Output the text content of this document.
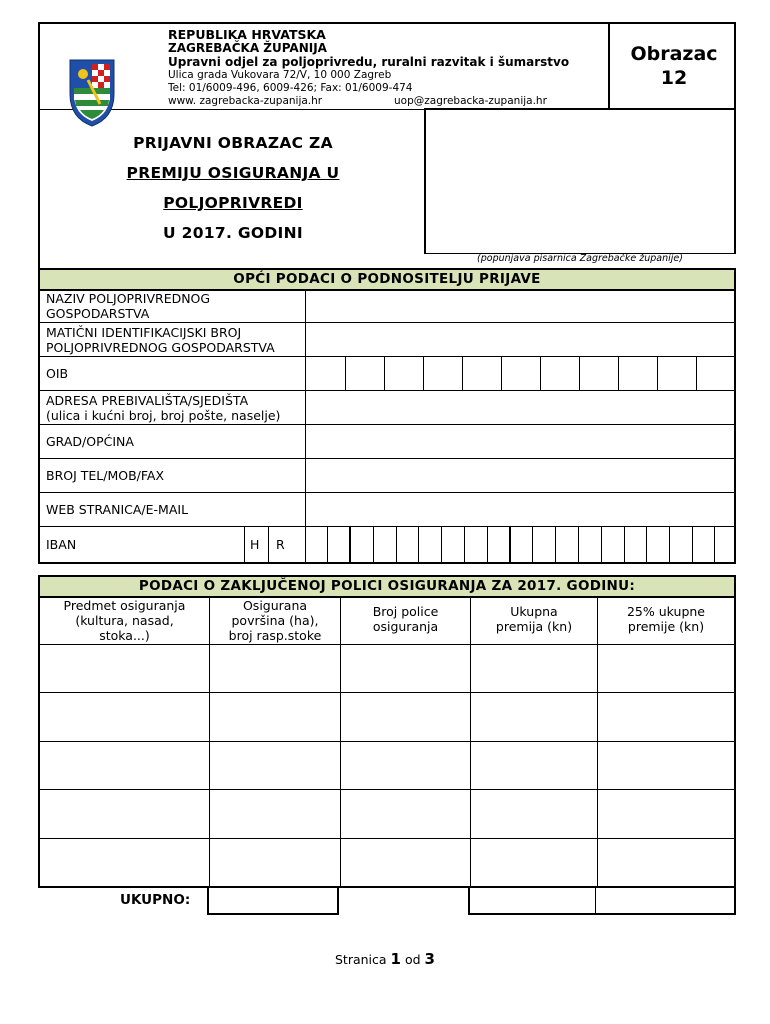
REPUBLIKA HRVATSKA
ZAGREBAČKA ŽUPANIJA
Upravni odjel za poljoprivredu, ruralni razvitak i šumarstvo
Ulica grada Vukovara 72/V, 10 000 Zagreb
Tel: 01/6009-496, 6009-426; Fax: 01/6009-474
www. zagrebacka-zupanija.hr	uop@zagrebacka-zupanija.hr
Obrazac
12
PRIJAVNI OBRAZAC ZA
PREMIJU OSIGURANJA U
POLJOPRIVREDI
U 2017. GODINI
(popunjava pisarnica Zagrebačke županije)
OPĆI PODACI O PODNOSITELJU PRIJAVE
NAZIV POLJOPRIVREDNOG
GOSPODARSTVA
MATIČNI IDENTIFIKACIJSKI BROJ
POLJOPRIVREDNOG GOSPODARSTVA
OIB
ADRESA PREBIVALIŠTA/SJEDIŠTA
(ulica i kućni broj, broj pošte, naselje)
GRAD/OPĆINA
BROJ TEL/MOB/FAX
WEB STRANICA/E-MAIL
IBAN	H R
PODACI O ZAKLJUČENOJ POLICI OSIGURANJA ZA 2017. GODINU:
Predmet osiguranja
(kultura, nasad,
stoka...)
Osigurana
površina (ha),
broj rasp.stoke
Broj police
osiguranja
Ukupna
premija (kn)
25% ukupne
premije (kn)
UKUPNO:
Stranica 1 od 3
